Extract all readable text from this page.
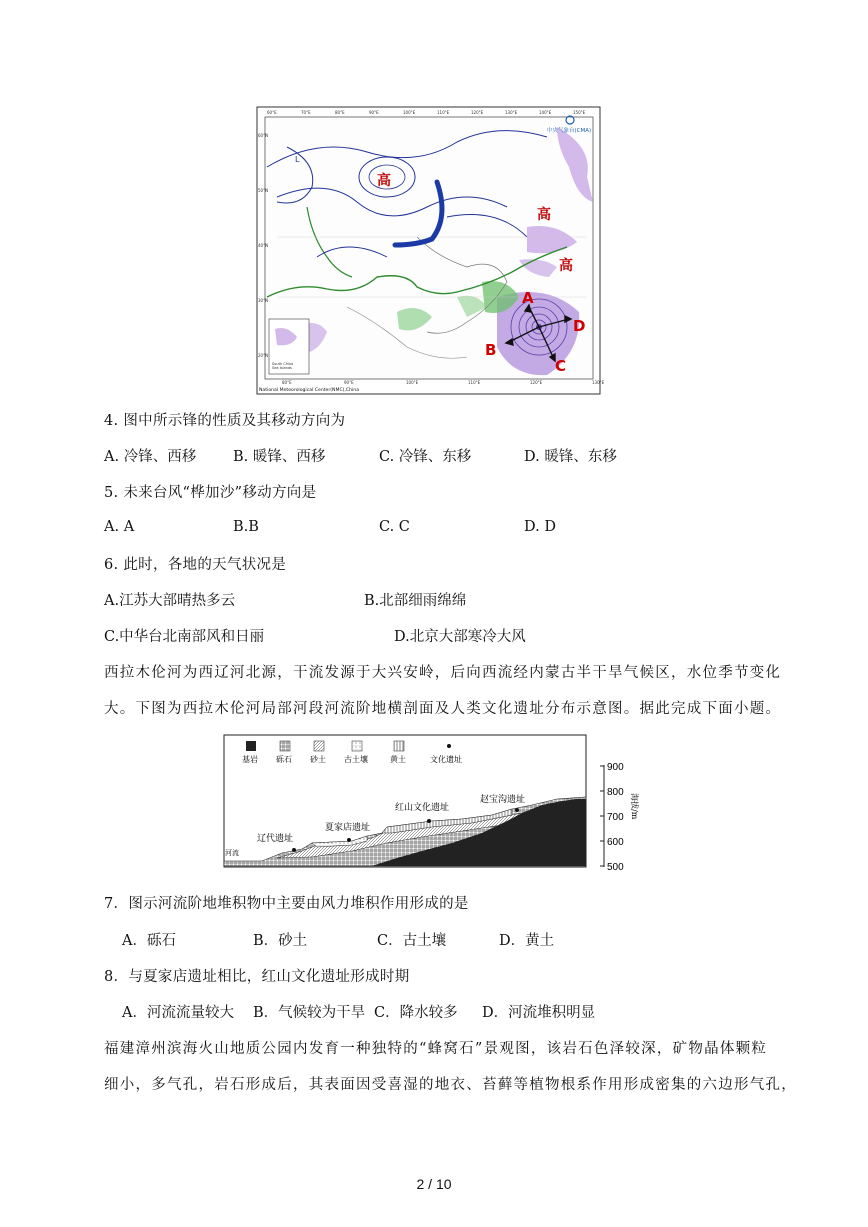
South China
Sea Islands
高
高
高
L
A
B
C
D
中央气象台(CMA)
60°E	70°E	80°E	90°E	100°E	110°E	120°E	130°E	140°E	150°E
80°E	90°E	100°E	110°E	120°E	130°E
60°N
50°N
40°N
30°N
20°N
National Meteorological Center(NMC),China
4. 图中所示锋的性质及其移动方向为
A. 冷锋、西移	B. 暖锋、西移	C. 冷锋、东移	D. 暖锋、东移
5. 未来台风“桦加沙”移动方向是
A. A	B.B	C. C	D. D
6. 此时，各地的天气状况是
A.江苏大部晴热多云	B.北部细雨绵绵
C.中华台北南部风和日丽	D.北京大部寒冷大风
西拉木伦河为西辽河北源，干流发源于大兴安岭，后向西流经内蒙古半干旱气候区，水位季节变化
大。下图为西拉木伦河局部河段河流阶地横剖面及人类文化遗址分布示意图。据此完成下面小题。
基岩 砾石 砂土 古土壤	黄土	文化遗址
辽代遗址
夏家店遗址
红山文化遗址
赵宝沟遗址
河流
900
800
700
600
500
海拔/m
7．图示河流阶地堆积物中主要由风力堆积作用形成的是
A．砾石	B．砂土	C．古土壤	D．黄土
8．与夏家店遗址相比，红山文化遗址形成时期
A．河流流量较大 B．气候较为干旱 C．降水较多 D．河流堆积明显
福建漳州滨海火山地质公园内发育一种独特的“蜂窝石”景观图，该岩石色泽较深，矿物晶体颗粒
细小，多气孔，岩石形成后，其表面因受喜湿的地衣、苔藓等植物根系作用形成密集的六边形气孔，
2 / 10
